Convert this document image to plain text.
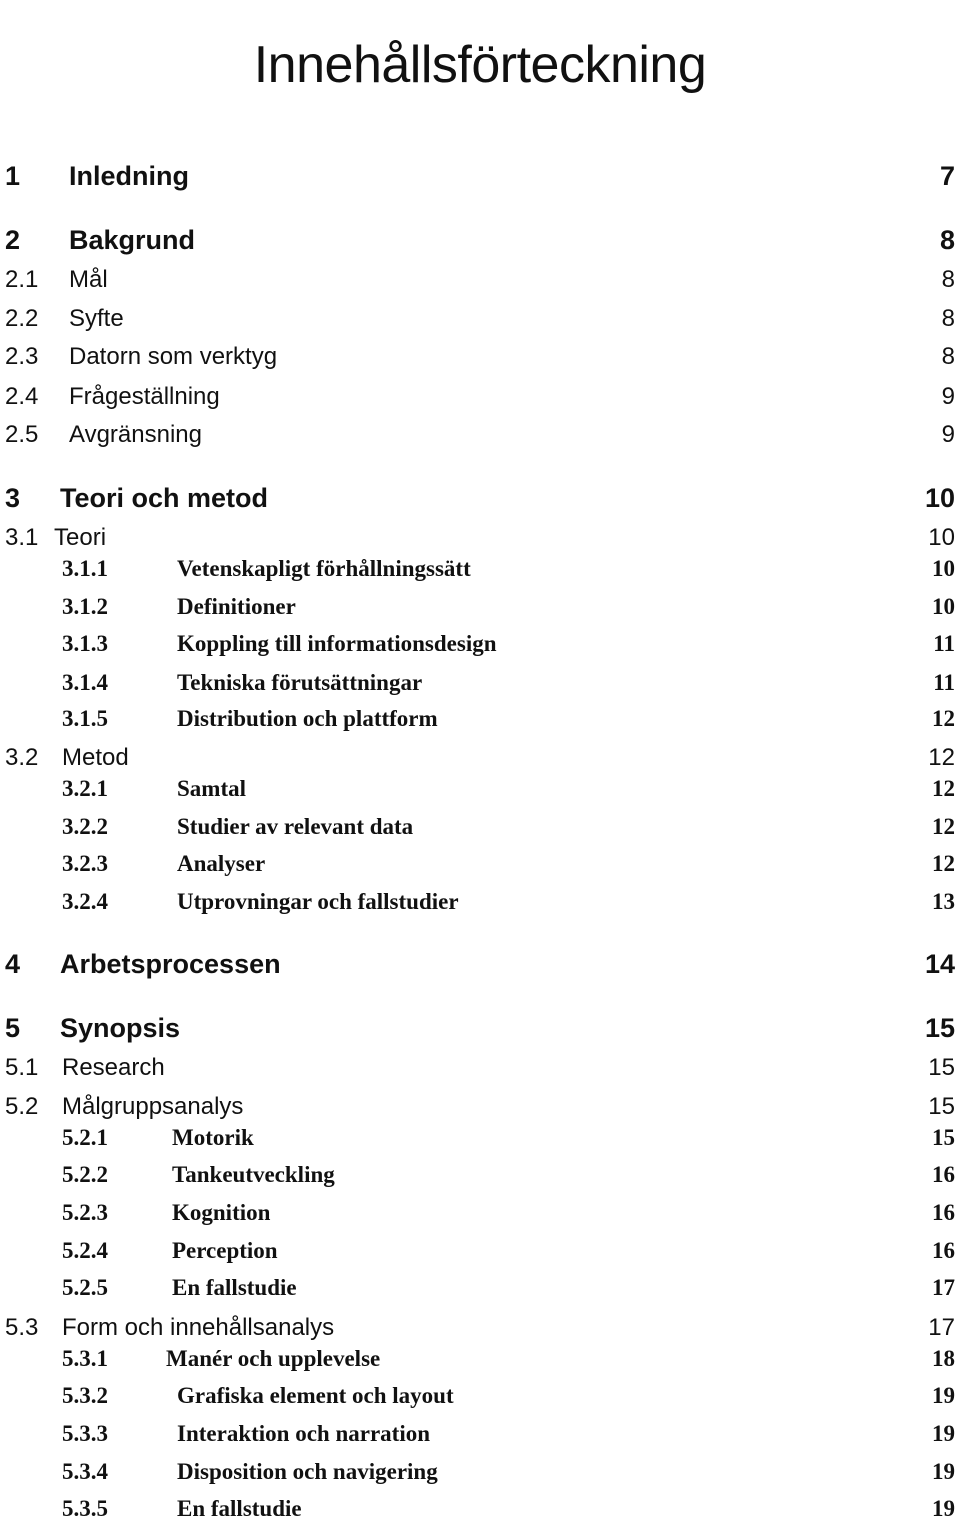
Innehållsförteckning
1 Inledning	7
2 Bakgrund	8
2.1 Mål	8
2.2 Syfte	8
2.3 Datorn som verktyg	8
2.4 Frågeställning	9
2.5 Avgränsning	9
3 Teori och metod	10
3.1 Teori	10
3.1.1	Vetenskapligt förhållningssätt	10
3.1.2	Definitioner	10
3.1.3	Koppling till informationsdesign	11
3.1.4	Tekniska förutsättningar	11
3.1.5	Distribution och plattform	12
3.2 Metod	12
3.2.1	Samtal	12
3.2.2	Studier av relevant data	12
3.2.3	Analyser	12
3.2.4	Utprovningar och fallstudier	13
4 Arbetsprocessen	14
5 Synopsis	15
5.1 Research	15
5.2 Målgruppsanalys	15
5.2.1	Motorik	15
5.2.2	Tankeutveckling	16
5.2.3	Kognition	16
5.2.4	Perception	16
5.2.5	En fallstudie	17
5.3 Form och innehållsanalys	17
5.3.1	Manér och upplevelse	18
5.3.2	Grafiska element och layout	19
5.3.3	Interaktion och narration	19
5.3.4	Disposition och navigering	19
5.3.5	En fallstudie	19
